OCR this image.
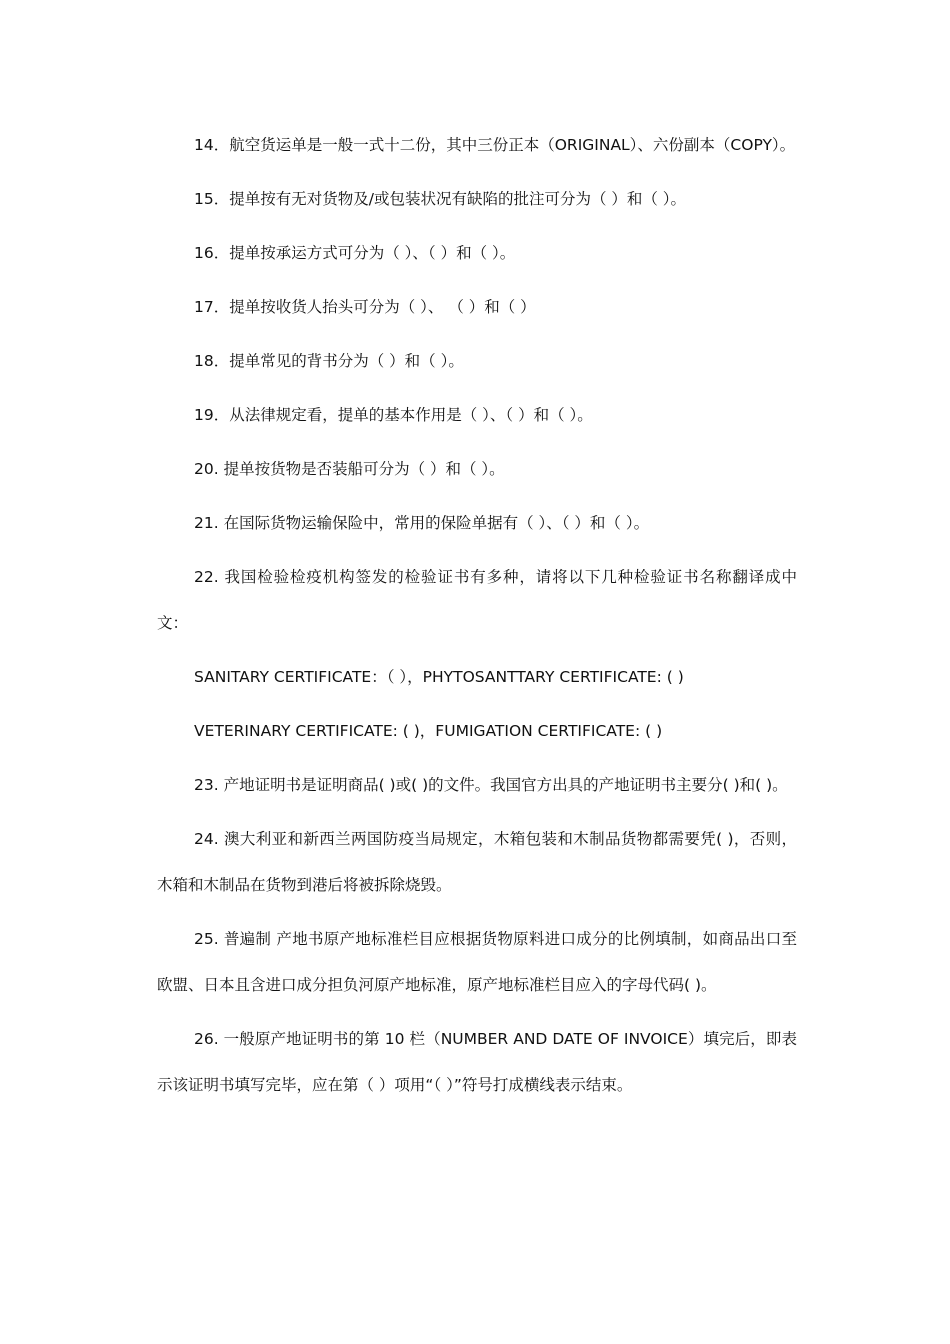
14．航空货运单是一般一式十二份，其中三份正本（ORIGINAL）、六份副本（COPY）。

15．提单按有无对货物及/或包装状况有缺陷的批注可分为（ ）和（ ）。

16．提单按承运方式可分为（ ）、（ ）和（ ）。

17．提单按收货人抬头可分为（ ）、 （ ）和（ ）

18．提单常见的背书分为（ ）和（ ）。

19．从法律规定看，提单的基本作用是（ ）、（ ）和（ ）。

20. 提单按货物是否装船可分为（ ）和（ ）。

21. 在国际货物运输保险中，常用的保险单据有（ ）、（ ）和（ ）。

22. 我国检验检疫机构签发的检验证书有多种，请将以下几种检验证书名称翻译成中文：

SANITARY CERTIFICATE：（ ），PHYTOSANTTARY CERTIFICATE: ( )

VETERINARY CERTIFICATE: ( )，FUMIGATION CERTIFICATE: ( )

23. 产地证明书是证明商品( )或( )的文件。我国官方出具的产地证明书主要分( )和( )。

24. 澳大利亚和新西兰两国防疫当局规定，木箱包装和木制品货物都需要凭( )，否则，木箱和木制品在货物到港后将被拆除烧毁。

25. 普遍制 产地书原产地标准栏目应根据货物原料进口成分的比例填制，如商品出口至欧盟、日本且含进口成分担负河原产地标准，原产地标准栏目应入的字母代码( )。

26. 一般原产地证明书的第 10 栏（NUMBER AND DATE OF INVOICE）填完后，即表示该证明书填写完毕，应在第（ ）项用“（ ）”符号打成横线表示结束。
